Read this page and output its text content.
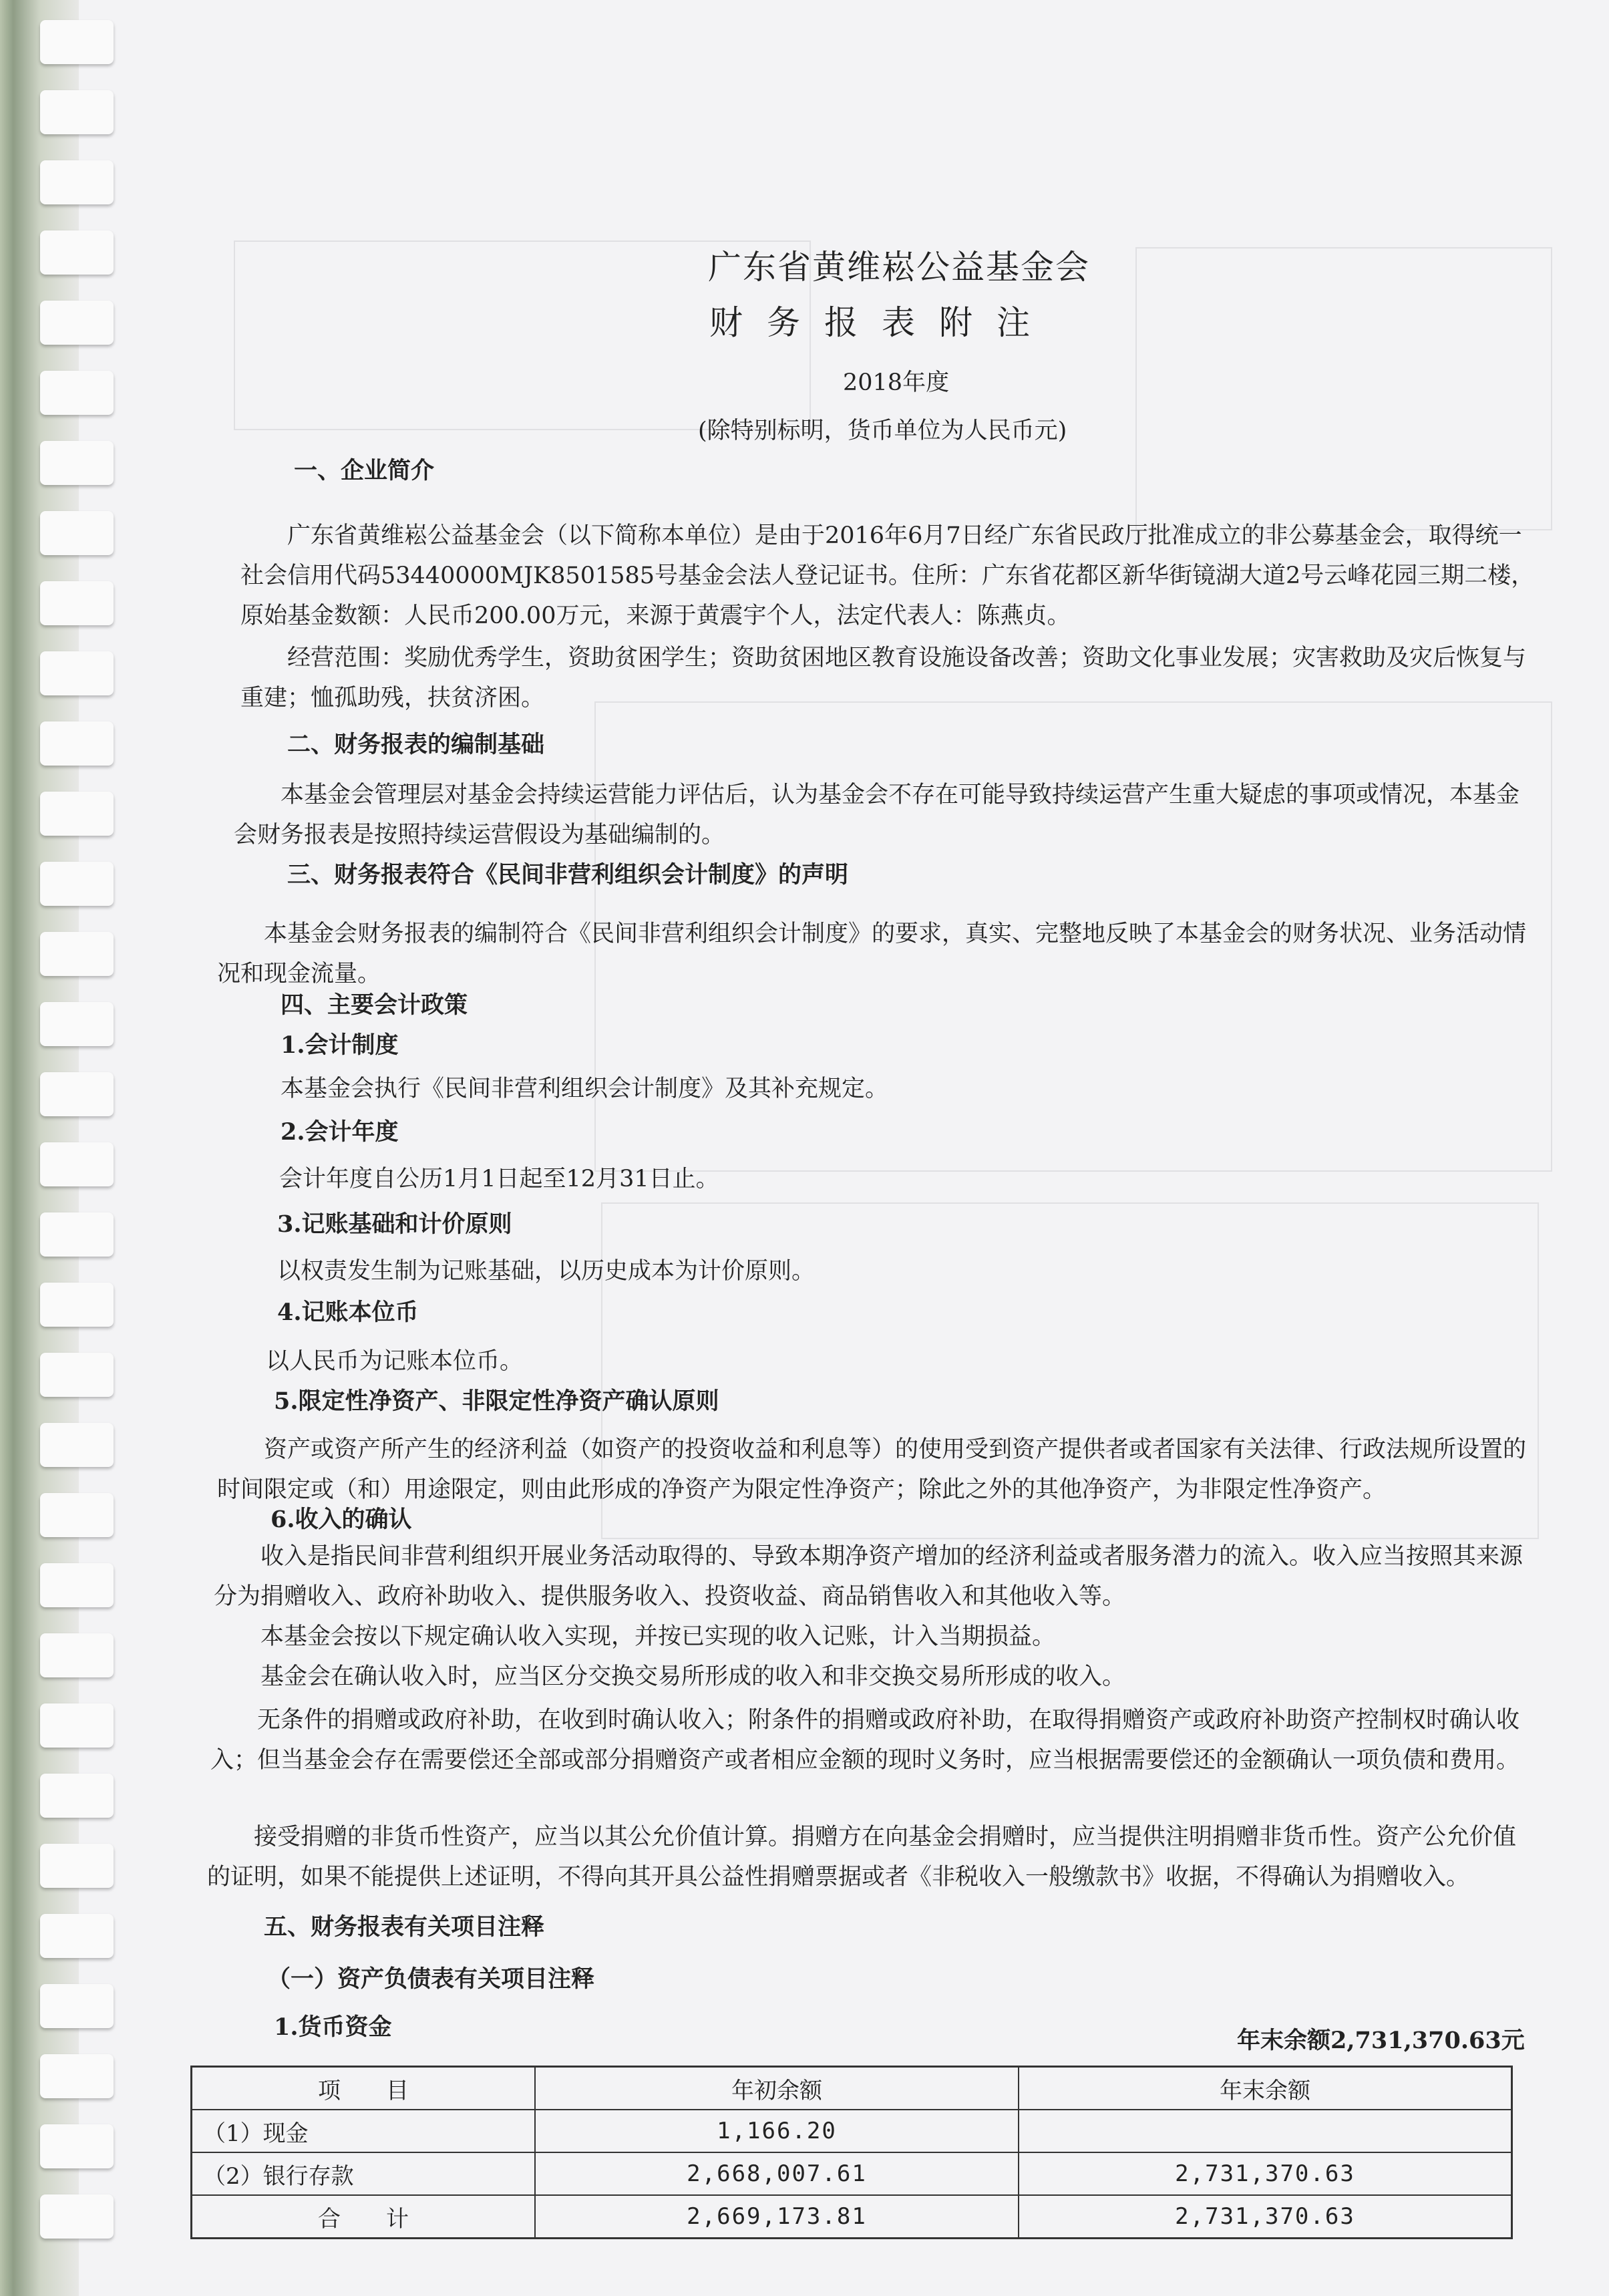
广东省黄维崧公益基金会
财务报表附注
2018年度
(除特别标明，货币单位为人民币元)
一、企业简介
广东省黄维崧公益基金会（以下简称本单位）是由于2016年6月7日经广东省民政厅批准成立的非公募基金会，取得统一社会信用代码53440000MJK8501585号基金会法人登记证书。住所：广东省花都区新华街镜湖大道2号云峰花园三期二楼，原始基金数额：人民币200.00万元，来源于黄震宇个人，法定代表人：陈燕贞。
经营范围：奖励优秀学生，资助贫困学生；资助贫困地区教育设施设备改善；资助文化事业发展；灾害救助及灾后恢复与重建；恤孤助残，扶贫济困。
二、财务报表的编制基础
本基金会管理层对基金会持续运营能力评估后，认为基金会不存在可能导致持续运营产生重大疑虑的事项或情况，本基金会财务报表是按照持续运营假设为基础编制的。
三、财务报表符合《民间非营利组织会计制度》的声明
本基金会财务报表的编制符合《民间非营利组织会计制度》的要求，真实、完整地反映了本基金会的财务状况、业务活动情况和现金流量。
四、主要会计政策
1.会计制度
本基金会执行《民间非营利组织会计制度》及其补充规定。
2.会计年度
会计年度自公历1月1日起至12月31日止。
3.记账基础和计价原则
以权责发生制为记账基础，以历史成本为计价原则。
4.记账本位币
以人民币为记账本位币。
5.限定性净资产、非限定性净资产确认原则
资产或资产所产生的经济利益（如资产的投资收益和利息等）的使用受到资产提供者或者国家有关法律、行政法规所设置的时间限定或（和）用途限定，则由此形成的净资产为限定性净资产；除此之外的其他净资产，为非限定性净资产。
6.收入的确认
收入是指民间非营利组织开展业务活动取得的、导致本期净资产增加的经济利益或者服务潜力的流入。收入应当按照其来源分为捐赠收入、政府补助收入、提供服务收入、投资收益、商品销售收入和其他收入等。
本基金会按以下规定确认收入实现，并按已实现的收入记账，计入当期损益。
基金会在确认收入时，应当区分交换交易所形成的收入和非交换交易所形成的收入。
无条件的捐赠或政府补助，在收到时确认收入；附条件的捐赠或政府补助，在取得捐赠资产或政府补助资产控制权时确认收入；但当基金会存在需要偿还全部或部分捐赠资产或者相应金额的现时义务时，应当根据需要偿还的金额确认一项负债和费用。
接受捐赠的非货币性资产，应当以其公允价值计算。捐赠方在向基金会捐赠时，应当提供注明捐赠非货币性。资产公允价值的证明，如果不能提供上述证明，不得向其开具公益性捐赠票据或者《非税收入一般缴款书》收据，不得确认为捐赠收入。
五、财务报表有关项目注释
（一）资产负债表有关项目注释
1.货币资金	年末余额2,731,370.63元
项　　目	年初余额	年末余额
（1）现金	1,166.20	
（2）银行存款	2,668,007.61	2,731,370.63
合　　计	2,669,173.81	2,731,370.63
